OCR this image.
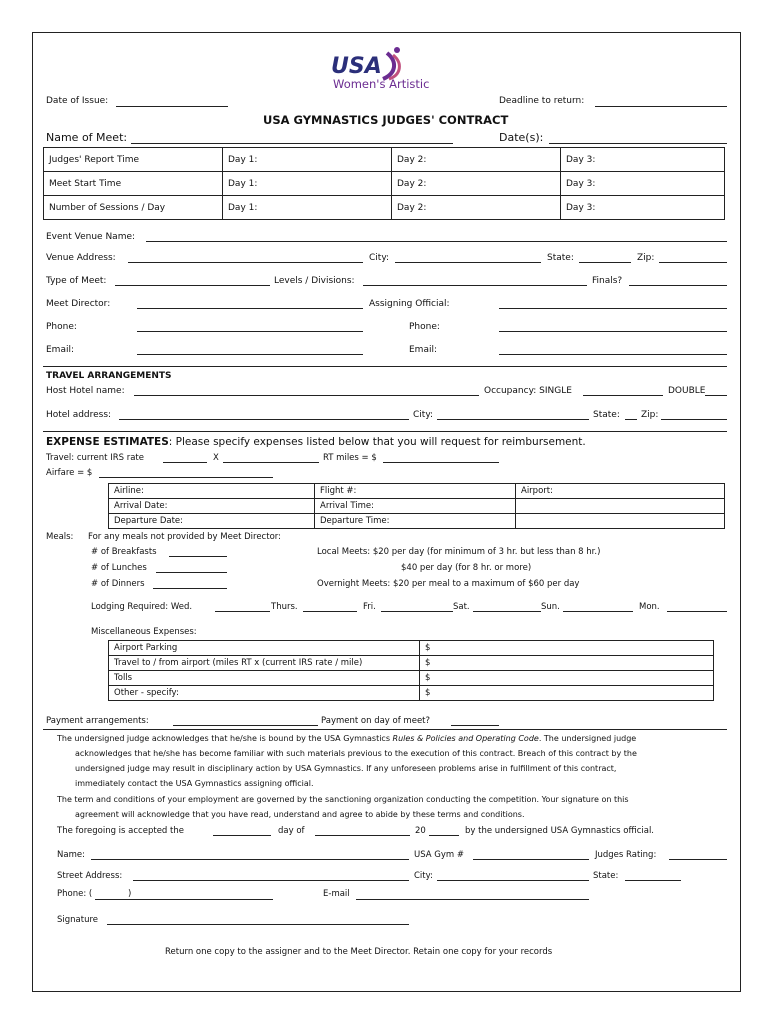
USA
Women's Artistic
Date of Issue:	Deadline to return:
USA GYMNASTICS JUDGES' CONTRACT
Name of Meet:	Date(s):
Judges' Report Time	Day 1:	Day 2:	Day 3:
Meet Start Time	Day 1:	Day 2:	Day 3:
Number of Sessions / Day	Day 1:	Day 2:	Day 3:
Event Venue Name:
Venue Address:	City:	State:	Zip:
Type of Meet:	Levels / Divisions:	Finals?
Meet Director:	Assigning Official:
Phone:	Phone:
Email:	Email:
TRAVEL ARRANGEMENTS
Host Hotel name:	Occupancy: SINGLE	DOUBLE
Hotel address:	City:	State: Zip:
EXPENSE ESTIMATES: Please specify expenses listed below that you will request for reimbursement.
Travel: current IRS rate	X	RT miles = $
Airfare = $
Airline:	Flight #:	Airport:
Arrival Date:	Arrival Time:	
Departure Date:	Departure Time:	
Meals: For any meals not provided by Meet Director:
# of Breakfasts
# of Lunches
# of Dinners
Local Meets: $20 per day (for minimum of 3 hr. but less than 8 hr.)
$40 per day (for 8 hr. or more)
Overnight Meets: $20 per meal to a maximum of $60 per day
Lodging Required: Wed.	Thurs.	Fri.	Sat.	Sun.	Mon.
Miscellaneous Expenses:
Airport Parking	$
Travel to / from airport (miles RT x (current IRS rate / mile)	$
Tolls	$
Other - specify:	$
Payment arrangements:	Payment on day of meet?
The undersigned judge acknowledges that he/she is bound by the USA Gymnastics Rules & Policies and Operating Code. The undersigned judge
acknowledges that he/she has become familiar with such materials previous to the execution of this contract. Breach of this contract by the
undersigned judge may result in disciplinary action by USA Gymnastics. If any unforeseen problems arise in fulfillment of this contract,
immediately contact the USA Gymnastics assigning official.
The term and conditions of your employment are governed by the sanctioning organization conducting the competition. Your signature on this
agreement will acknowledge that you have read, understand and agree to abide by these terms and conditions.
The foregoing is accepted the	day of	20	by the undersigned USA Gymnastics official.
Name:	USA Gym #	Judges Rating:
Street Address:	City:	State:
Phone: (	)	E-mail
Signature
Return one copy to the assigner and to the Meet Director. Retain one copy for your records
